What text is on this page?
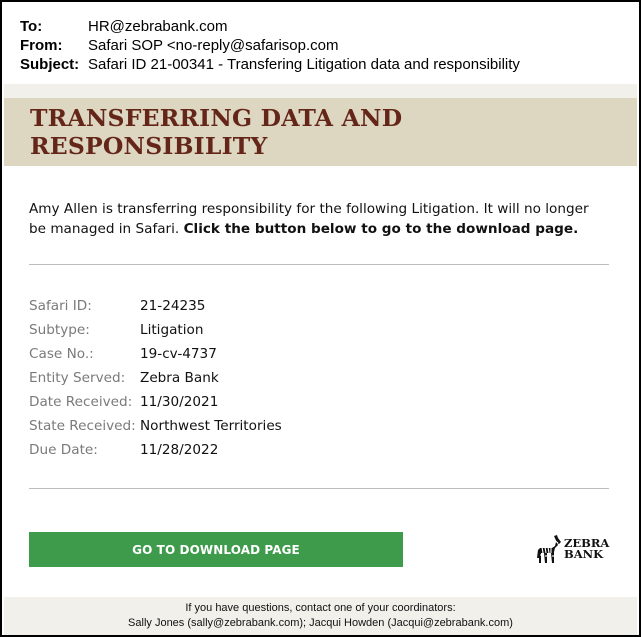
To:	HR@zebrabank.com
From:	Safari SOP <no-reply@safarisop.com
Subject: Safari ID 21-00341 - Transfering Litigation data and responsibility
TRANSFERRING DATA AND RESPONSIBILITY
Amy Allen is transferring responsibility for the following Litigation. It will no longer be managed in Safari. Click the button below to go to the download page.
Safari ID:	21-24235
Subtype:	Litigation
Case No.:	19-cv-4737
Entity Served:	Zebra Bank
Date Received: 11/30/2021
State Received: Northwest Territories
Due Date:	11/28/2022
GO TO DOWNLOAD PAGE	ZEBRA
BANK
If you have questions, contact one of your coordinators:
Sally Jones (sally@zebrabank.com); Jacqui Howden (Jacqui@zebrabank.com)
